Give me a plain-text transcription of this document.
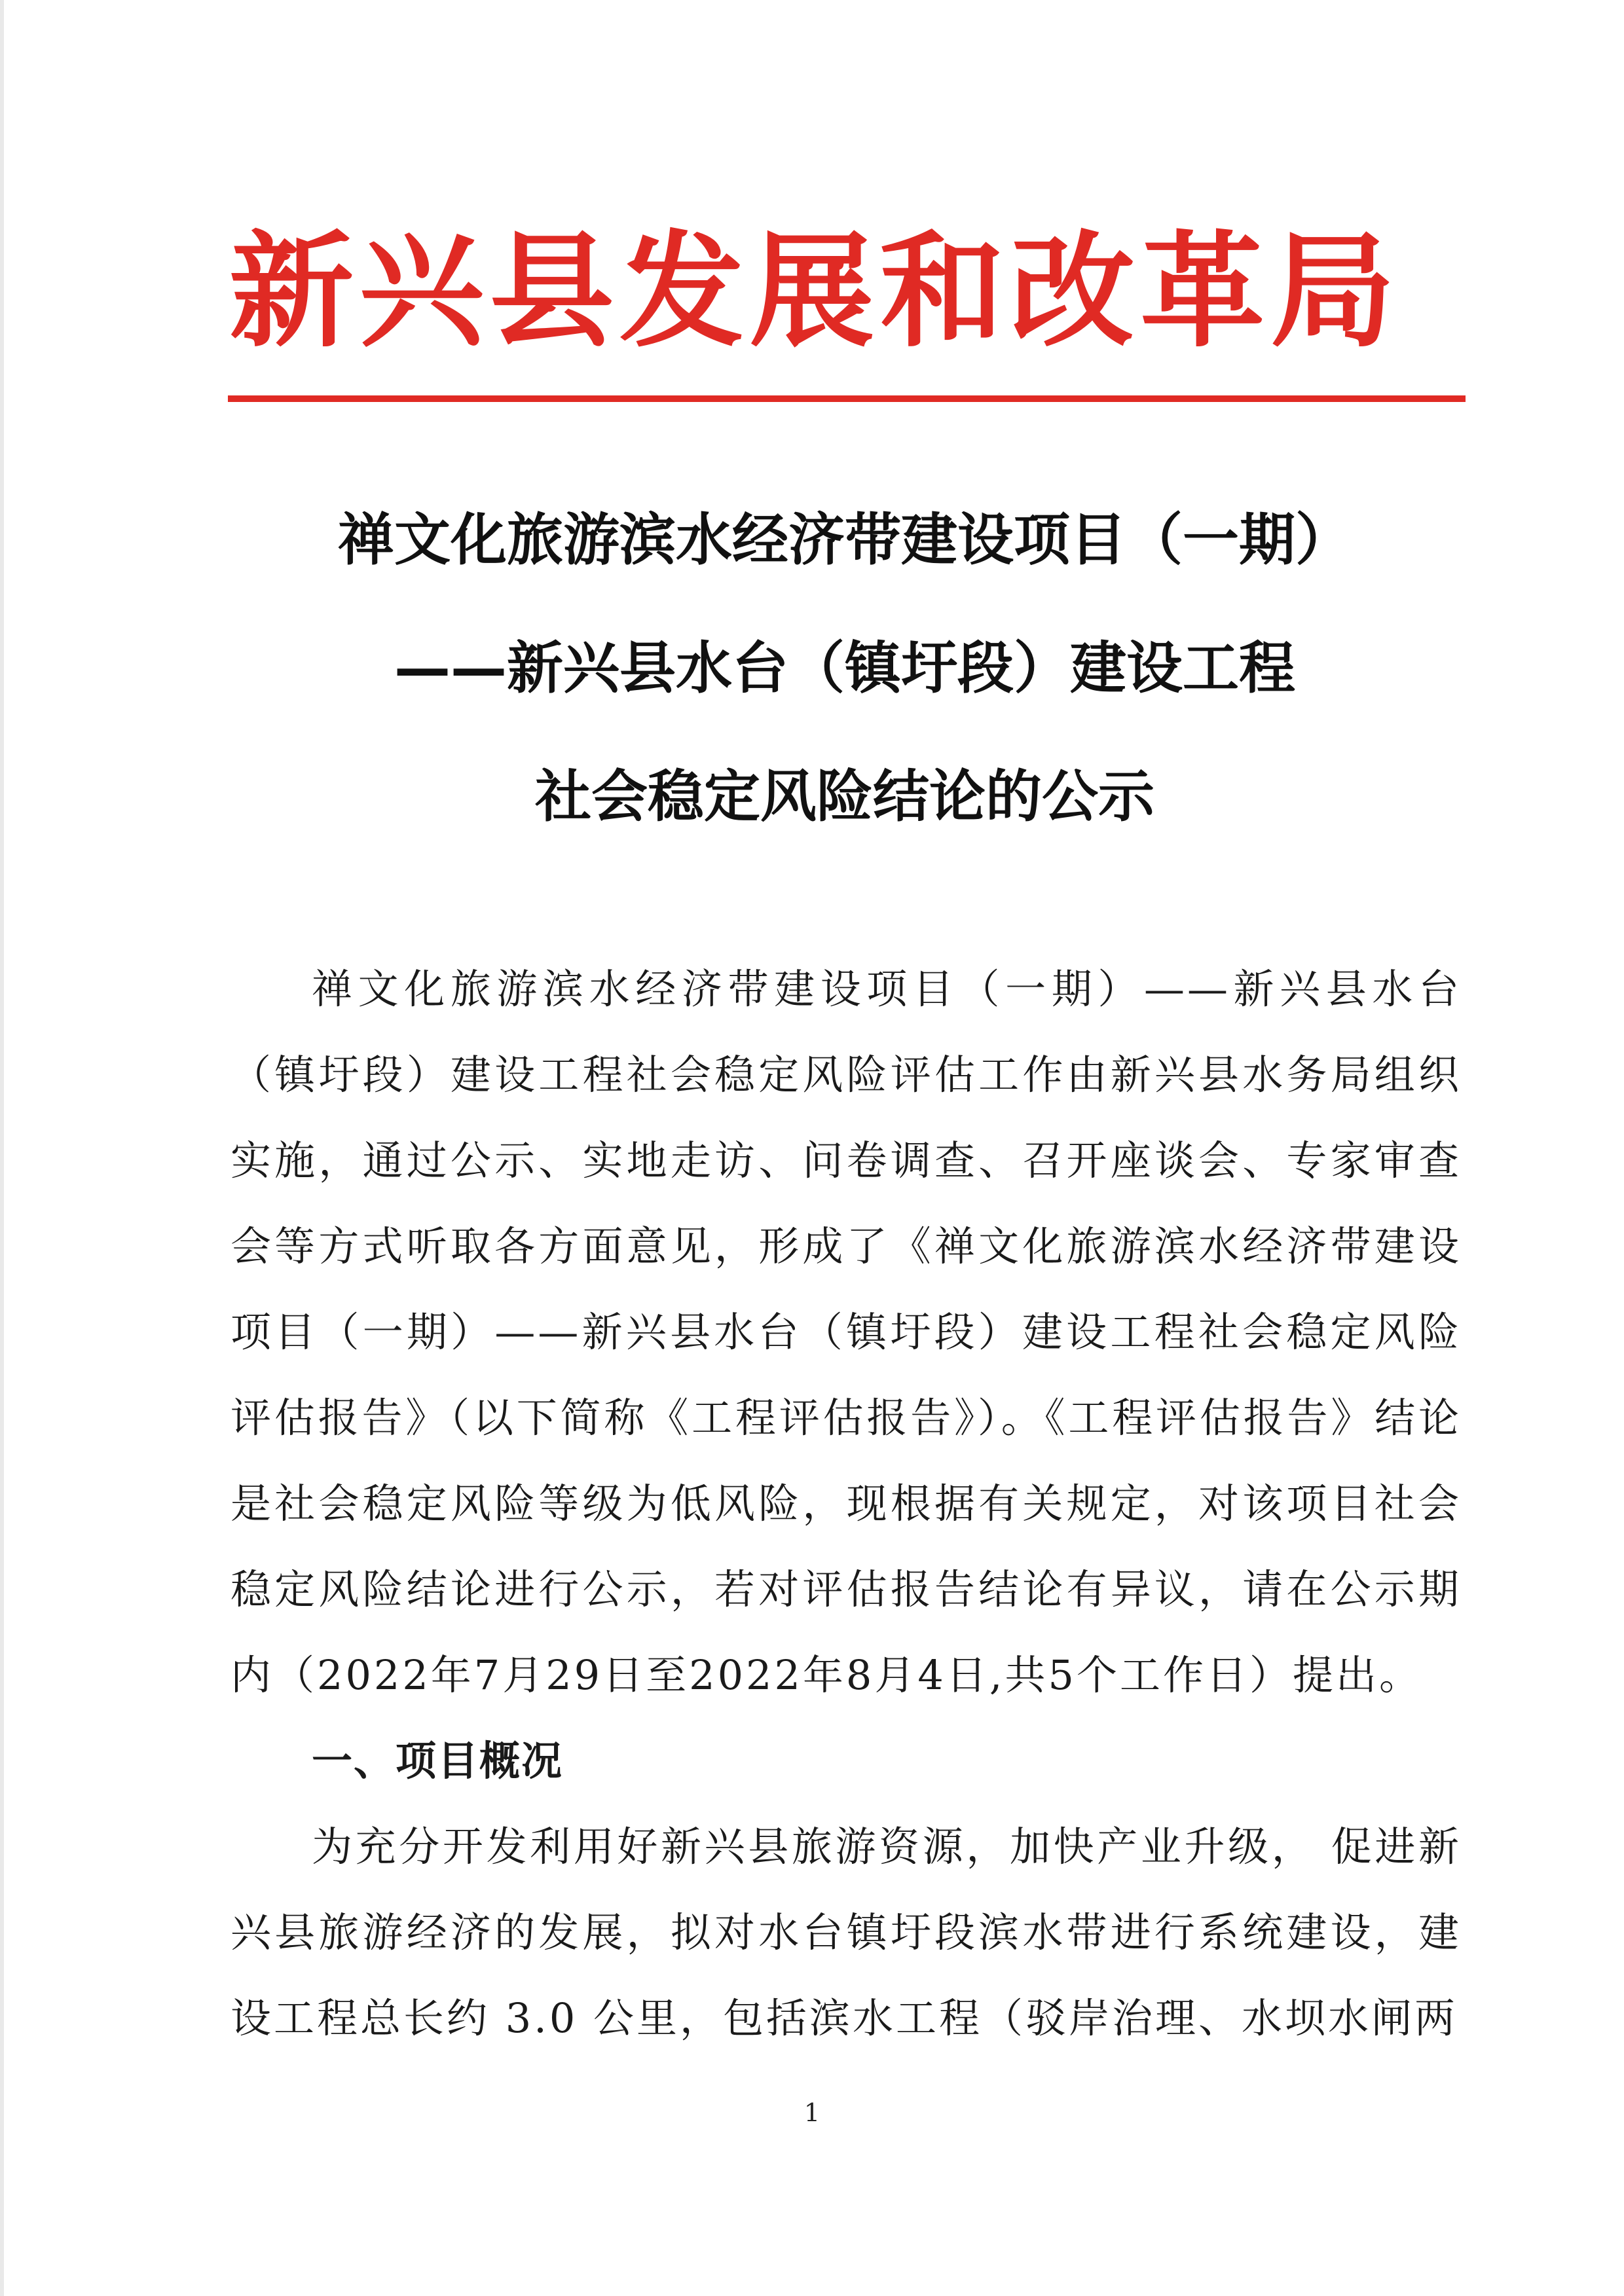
新 兴 县 发 展 和 改 革 局
禅文化旅游滨水经济带建设项目（一期）
——新兴县水台（镇圩段）建设工程
社会稳定风险结论的公示

禅文化旅游滨水经济带建设项目（一期）——新兴县水台（镇圩段）建设工程社会稳定风险评估工作由新兴县水务局组织实施，通过公示、实地走访、问卷调查、召开座谈会、专家审查会等方式听取各方面意见，形成了《禅文化旅游滨水经济带建设项目（一期）——新兴县水台（镇圩段）建设工程社会稳定风险评估报告》（以下简称《工程评估报告》）。《工程评估报告》结论是社会稳定风险等级为低风险，现根据有关规定，对该项目社会稳定风险结论进行公示，若对评估报告结论有异议，请在公示期内（2022年7月29日至2022年8月4日,共5个工作日）提出。

一、项目概况

为充分开发利用好新兴县旅游资源，加快产业升级， 促进新兴县旅游经济的发展，拟对水台镇圩段滨水带进行系统建设，建设工程总长约 3.0 公里，包括滨水工程（驳岸治理、水坝水闸两

1
